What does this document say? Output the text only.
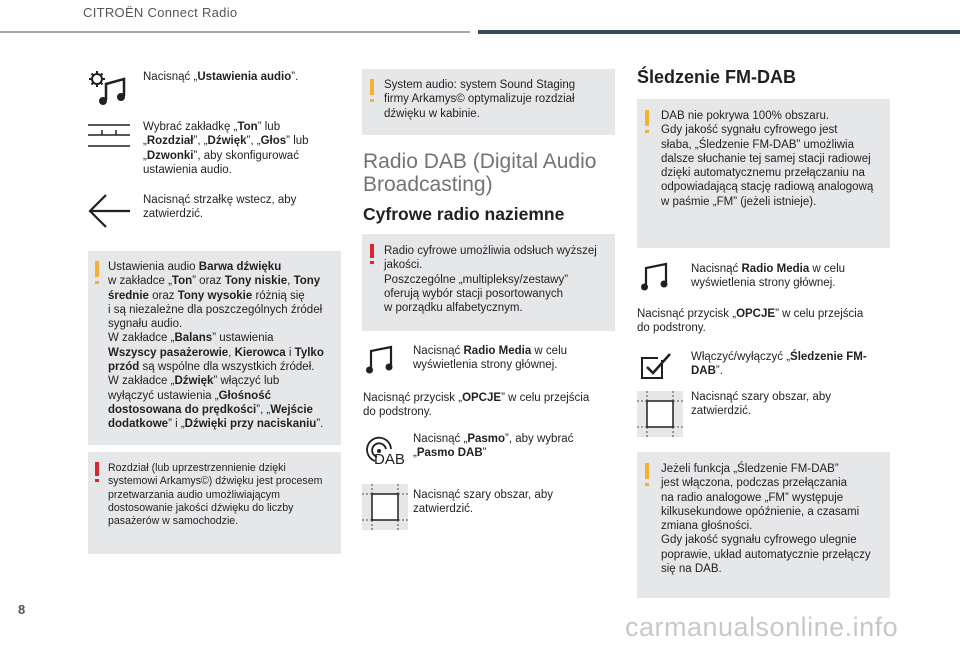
CITROËN Connect Radio
Nacisnąć „Ustawienia audio”.
Wybrać zakładkę „Ton” lub
„Rozdział”, „Dźwięk”, „Głos” lub
„Dzwonki”, aby skonfigurować
ustawienia audio.
Nacisnąć strzałkę wstecz, aby zatwierdzić.
Ustawienia audio Barwa dźwięku
w zakładce „Ton” oraz Tony niskie, Tony
średnie oraz Tony wysokie różnią się
i są niezależne dla poszczególnych źródeł
sygnału audio.
W zakładce „Balans” ustawienia
Wszyscy pasażerowie, Kierowca i Tylko
przód są wspólne dla wszystkich źródeł.
W zakładce „Dźwięk” włączyć lub
wyłączyć ustawienia „Głośność
dostosowana do prędkości”, „Wejście
dodatkowe” i „Dźwięki przy naciskaniu”.
Rozdział (lub uprzestrzennienie dzięki
systemowi Arkamys©) dźwięku jest procesem
przetwarzania audio umożliwiającym
dostosowanie jakości dźwięku do liczby
pasażerów w samochodzie.
System audio: system Sound Staging
firmy Arkamys© optymalizuje rozdział
dźwięku w kabinie.
Radio DAB (Digital Audio
Broadcasting)
Cyfrowe radio naziemne
Radio cyfrowe umożliwia odsłuch wyższej
jakości.
Poszczególne „multipleksy/zestawy”
oferują wybór stacji posortowanych
w porządku alfabetycznym.
Nacisnąć Radio Media w celu
wyświetlenia strony głównej.
Nacisnąć przycisk „OPCJE” w celu przejścia
do podstrony.
DAB
Nacisnąć „Pasmo”, aby wybrać
„Pasmo DAB”
Nacisnąć szary obszar, aby
zatwierdzić.
Śledzenie FM-DAB
DAB nie pokrywa 100% obszaru.
Gdy jakość sygnału cyfrowego jest
słaba, „Śledzenie FM-DAB” umożliwia
dalsze słuchanie tej samej stacji radiowej
dzięki automatycznemu przełączaniu na
odpowiadającą stację radiową analogową
w paśmie „FM” (jeżeli istnieje).
Nacisnąć Radio Media w celu
wyświetlenia strony głównej.
Nacisnąć przycisk „OPCJE” w celu przejścia
do podstrony.
Włączyć/wyłączyć „Śledzenie FM-
DAB”.
Nacisnąć szary obszar, aby
zatwierdzić.
Jeżeli funkcja „Śledzenie FM-DAB”
jest włączona, podczas przełączania
na radio analogowe „FM” występuje
kilkusekundowe opóźnienie, a czasami
zmiana głośności.
Gdy jakość sygnału cyfrowego ulegnie
poprawie, układ automatycznie przełączy
się na DAB.
8
carmanualsonline.info
